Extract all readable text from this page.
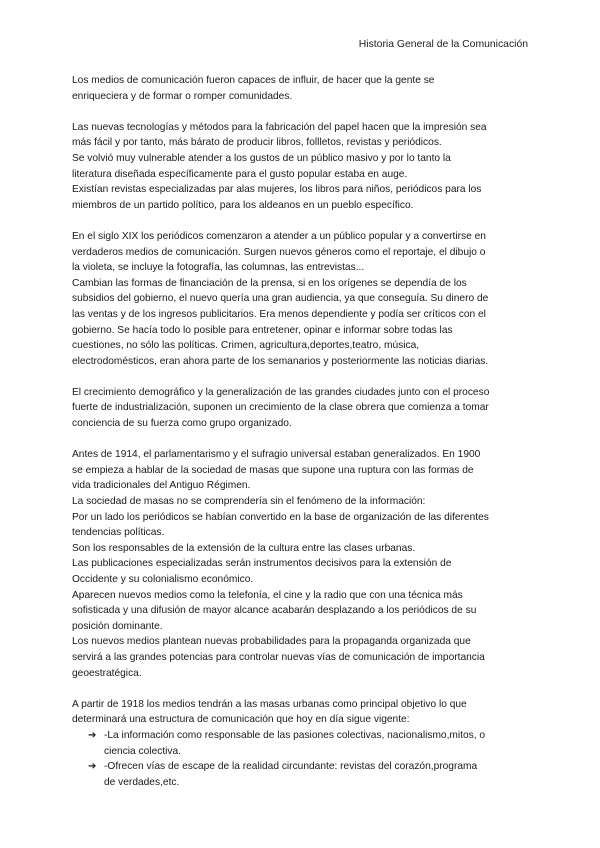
Historia General de la Comunicación

Los medios de comunicación fueron capaces de influir, de hacer que la gente se
enriqueciera y de formar o romper comunidades.

Las nuevas tecnologías y métodos para la fabricación del papel hacen que la impresión sea
más fácil y por tanto, más bárato de producir libros, follletos, revistas y periódicos.
Se volvió muy vulnerable atender a los gustos de un público masivo y por lo tanto la
literatura diseñada específicamente para el gusto popular estaba en auge.
Existían revistas especializadas par alas mujeres, los libros para niños, periódicos para los
miembros de un partido político, para los aldeanos en un pueblo específico.

En el siglo XIX los periódicos comenzaron a atender a un público popular y a convertirse en
verdaderos medios de comunicación. Surgen nuevos géneros como el reportaje, el dibujo o
la violeta, se incluye la fotografía, las columnas, las entrevistas...
Cambian las formas de financiación de la prensa, si en los orígenes se dependía de los
subsidios del gobierno, el nuevo quería una gran audiencia, ya que conseguía. Su dinero de
las ventas y de los ingresos publicitarios. Era menos dependiente y podía ser críticos con el
gobierno. Se hacía todo lo posible para entretener, opinar e informar sobre todas las
cuestiones, no sólo las políticas. Crimen, agricultura,deportes,teatro, música,
electrodomésticos, eran ahora parte de los semanarios y posteriormente las noticias diarias.

El crecimiento demográfico y la generalización de las grandes ciudades junto con el proceso
fuerte de industrialización, suponen un crecimiento de la clase obrera que comienza a tomar
conciencia de su fuerza como grupo organizado.

Antes de 1914, el parlamentarismo y el sufragio universal estaban generalizados. En 1900
se empieza a hablar de la sociedad de masas que supone una ruptura con las formas de
vida tradicionales del Antiguo Régimen.
La sociedad de masas no se comprendería sin el fenómeno de la información:
Por un lado los periódicos se habían convertido en la base de organización de las diferentes
tendencias políticas.
Son los responsables de la extensión de la cultura entre las clases urbanas.
Las publicaciones especializadas serán instrumentos decisivos para la extensión de
Occidente y su colonialismo económico.
Aparecen nuevos medios como la telefonía, el cine y la radio que con una técnica más
sofisticada y una difusión de mayor alcance acabarán desplazando a los periódicos de su
posición dominante.
Los nuevos medios plantean nuevas probabilidades para la propaganda organizada que
servirá a las grandes potencias para controlar nuevas vías de comunicación de importancia
geoestratégica.

A partir de 1918 los medios tendrán a las masas urbanas como principal objetivo lo que
determinará una estructura de comunicación que hoy en día sigue vigente:

➔ -La información como responsable de las pasiones colectivas, nacionalismo,mitos, o
ciencia colectiva.
➔ -Ofrecen vías de escape de la realidad circundante: revistas del corazón,programa
de verdades,etc.
